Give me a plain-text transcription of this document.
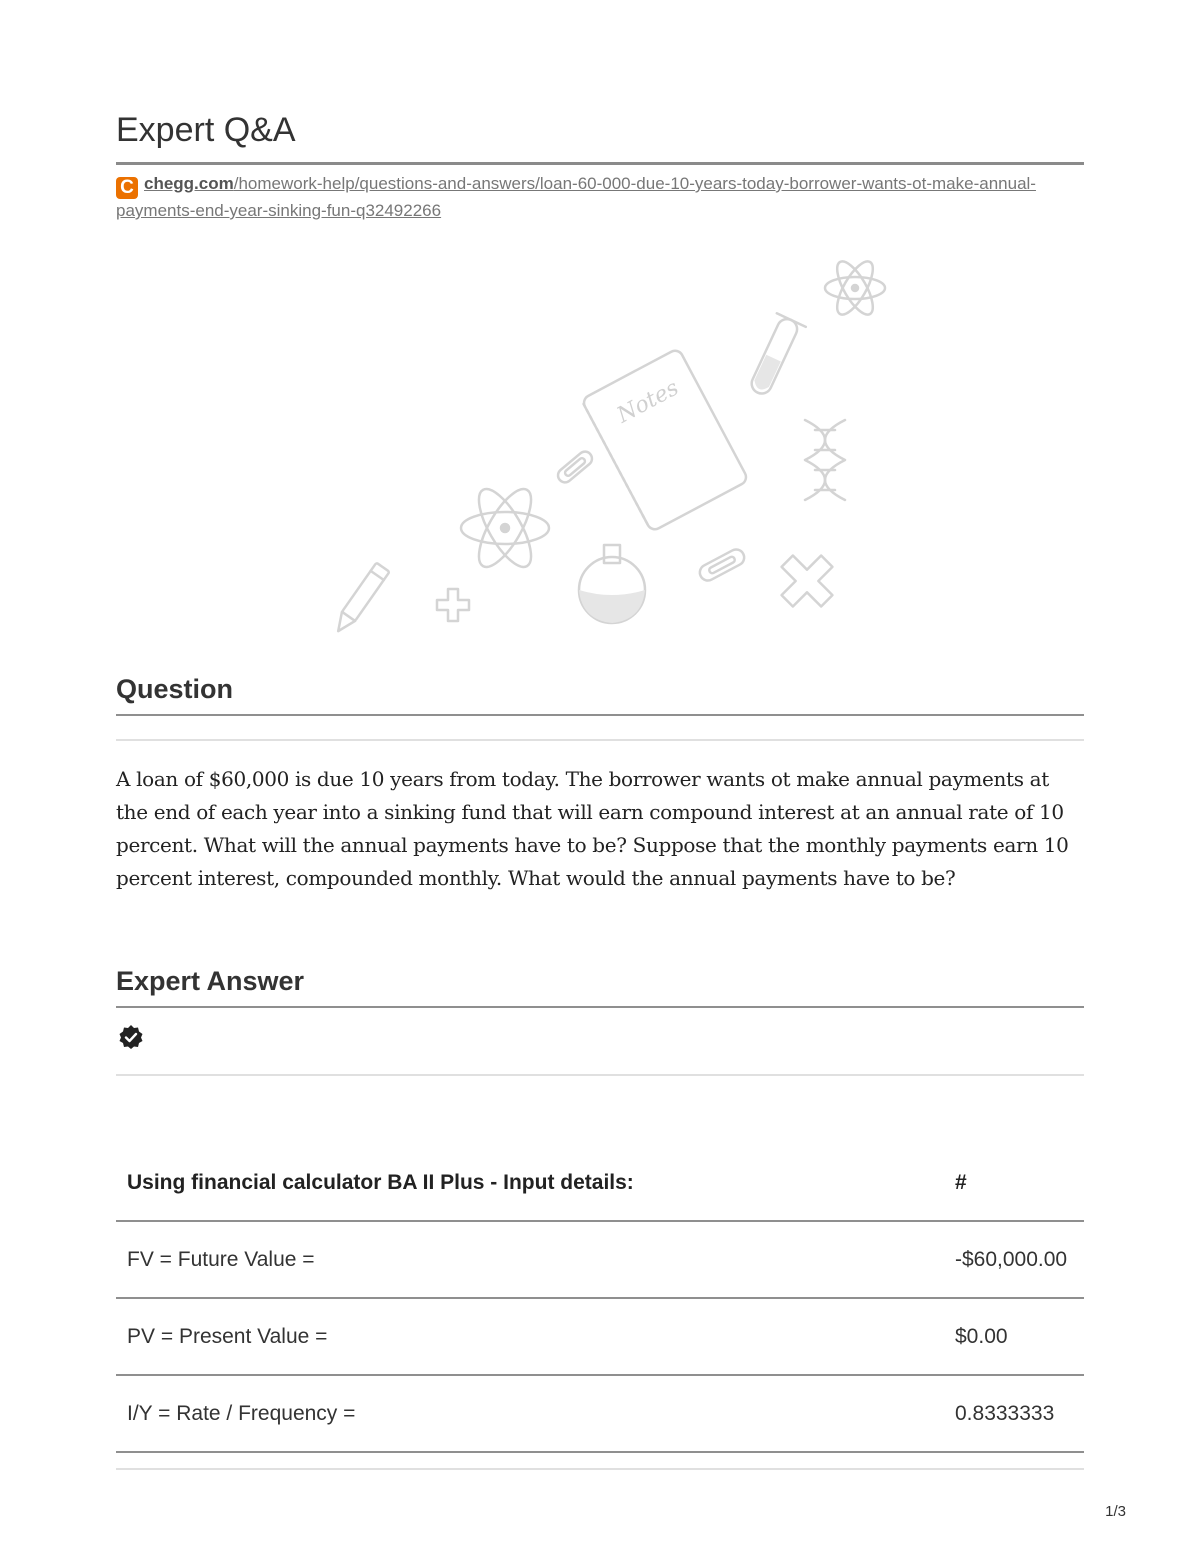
Expert Q&A
C chegg.com/homework-help/questions-and-answers/loan-60-000-due-10-years-today-borrower-wants-ot-make-annual-payments-end-year-sinking-fun-q32492266
Notes
Question

A loan of $60,000 is due 10 years from today. The borrower wants ot make annual payments at the end of each year into a sinking fund that will earn compound interest at an annual rate of 10 percent. What will the annual payments have to be? Suppose that the monthly payments earn 10 percent interest, compounded monthly. What would the annual payments have to be?

Expert Answer
Using financial calculator BA II Plus - Input details:	#
FV = Future Value =	-$60,000.00
PV = Present Value =	$0.00
I/Y = Rate / Frequency =	0.8333333
1/3
